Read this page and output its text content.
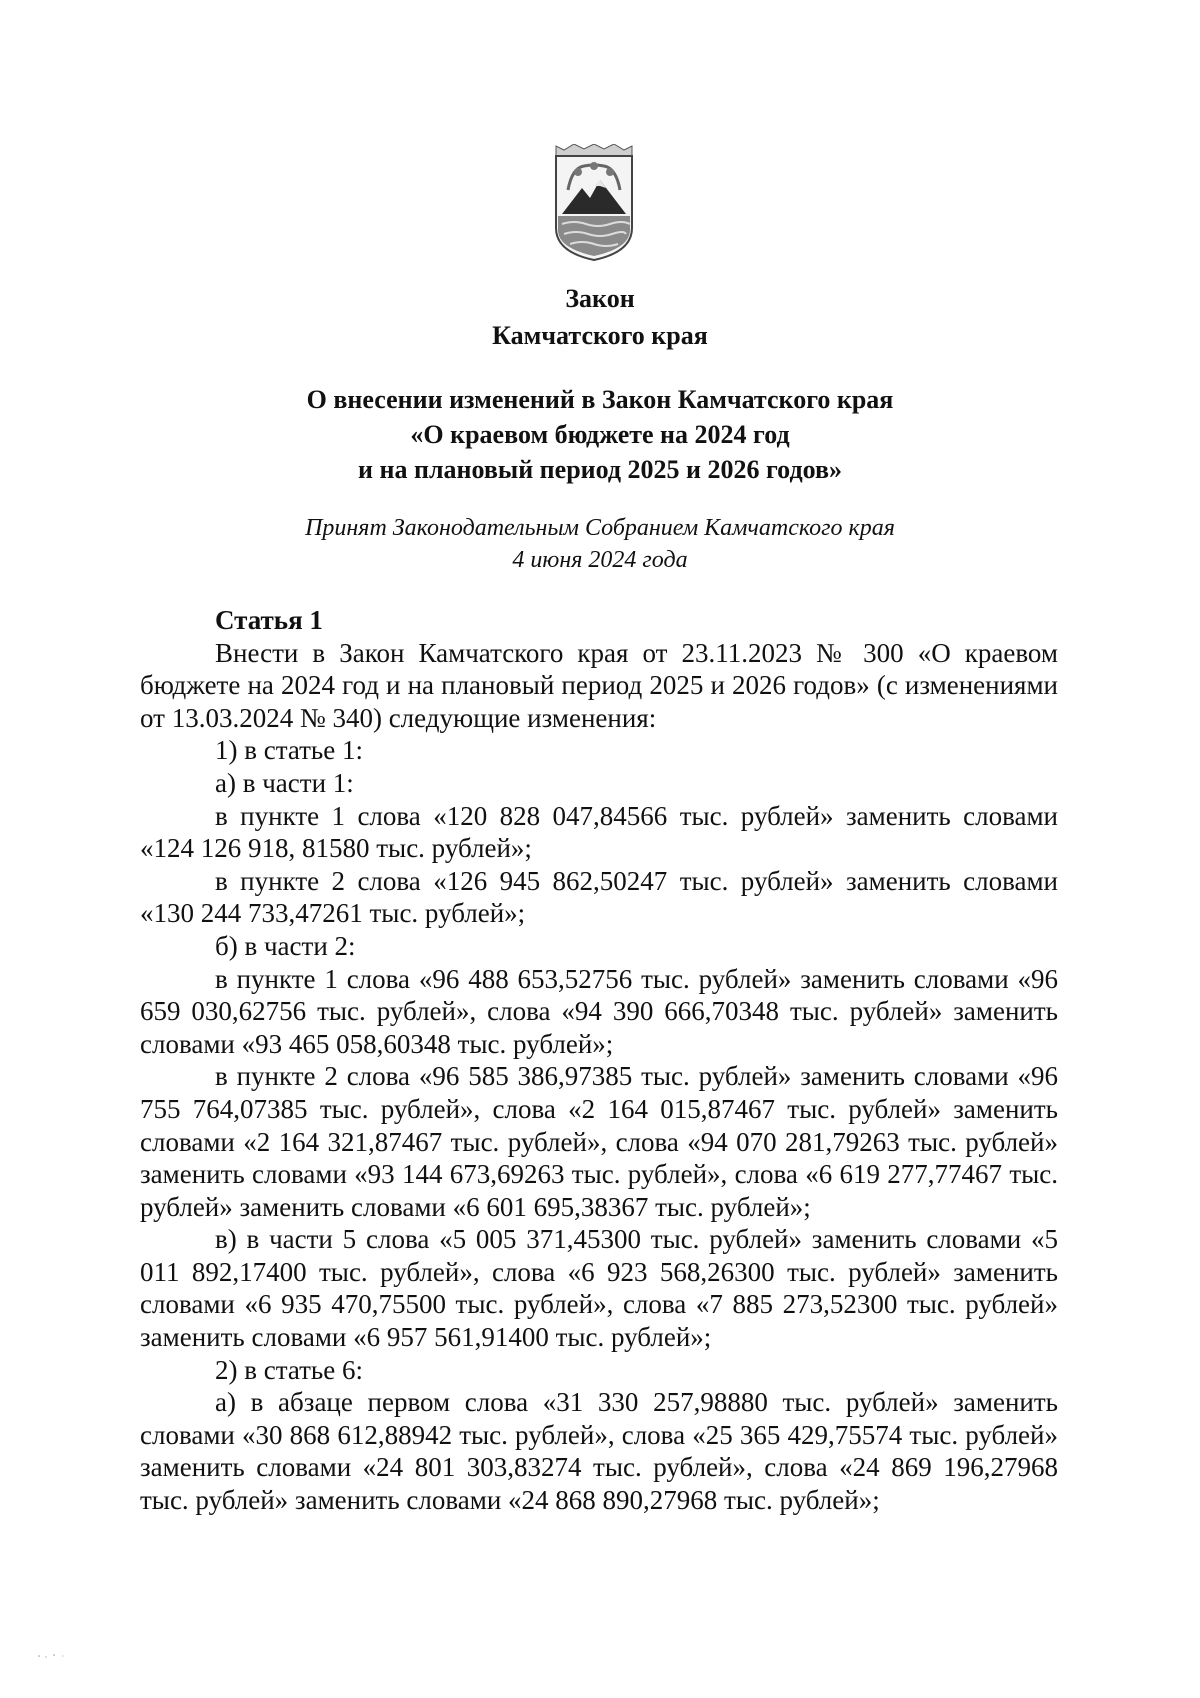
Закон
Камчатского края
О внесении изменений в Закон Камчатского края
«О краевом бюджете на 2024 год
и на плановый период 2025 и 2026 годов»
Принят Законодательным Собранием Камчатского края
4 июня 2024 года

Статья 1

Внести в Закон Камчатского края от 23.11.2023 № 300 «О краевом бюджете на 2024 год и на плановый период 2025 и 2026 годов» (с изменениями от 13.03.2024 № 340) следующие изменения:

1) в статье 1:

а) в части 1:

в пункте 1 слова «120 828 047,84566 тыс. рублей» заменить словами «124 126 918, 81580 тыс. рублей»;

в пункте 2 слова «126 945 862,50247 тыс. рублей» заменить словами «130 244 733,47261 тыс. рублей»;

б) в части 2:

в пункте 1 слова «96 488 653,52756 тыс. рублей» заменить словами «96 659 030,62756 тыс. рублей», слова «94 390 666,70348 тыс. рублей» заменить словами «93 465 058,60348 тыс. рублей»;

в пункте 2 слова «96 585 386,97385 тыс. рублей» заменить словами «96 755 764,07385 тыс. рублей», слова «2 164 015,87467 тыс. рублей» заменить словами «2 164 321,87467 тыс. рублей», слова «94 070 281,79263 тыс. рублей» заменить словами «93 144 673,69263 тыс. рублей», слова «6 619 277,77467 тыс. рублей» заменить словами «6 601 695,38367 тыс. рублей»;

в) в части 5 слова «5 005 371,45300 тыс. рублей» заменить словами «5 011 892,17400 тыс. рублей», слова «6 923 568,26300 тыс. рублей» заменить словами «6 935 470,75500 тыс. рублей», слова «7 885 273,52300 тыс. рублей» заменить словами «6 957 561,91400 тыс. рублей»;

2) в статье 6:

а) в абзаце первом слова «31 330 257,98880 тыс. рублей» заменить словами «30 868 612,88942 тыс. рублей», слова «25 365 429,75574 тыс. рублей» заменить словами «24 801 303,83274 тыс. рублей», слова «24 869 196,27968 тыс. рублей» заменить словами «24 868 890,27968 тыс. рублей»;
